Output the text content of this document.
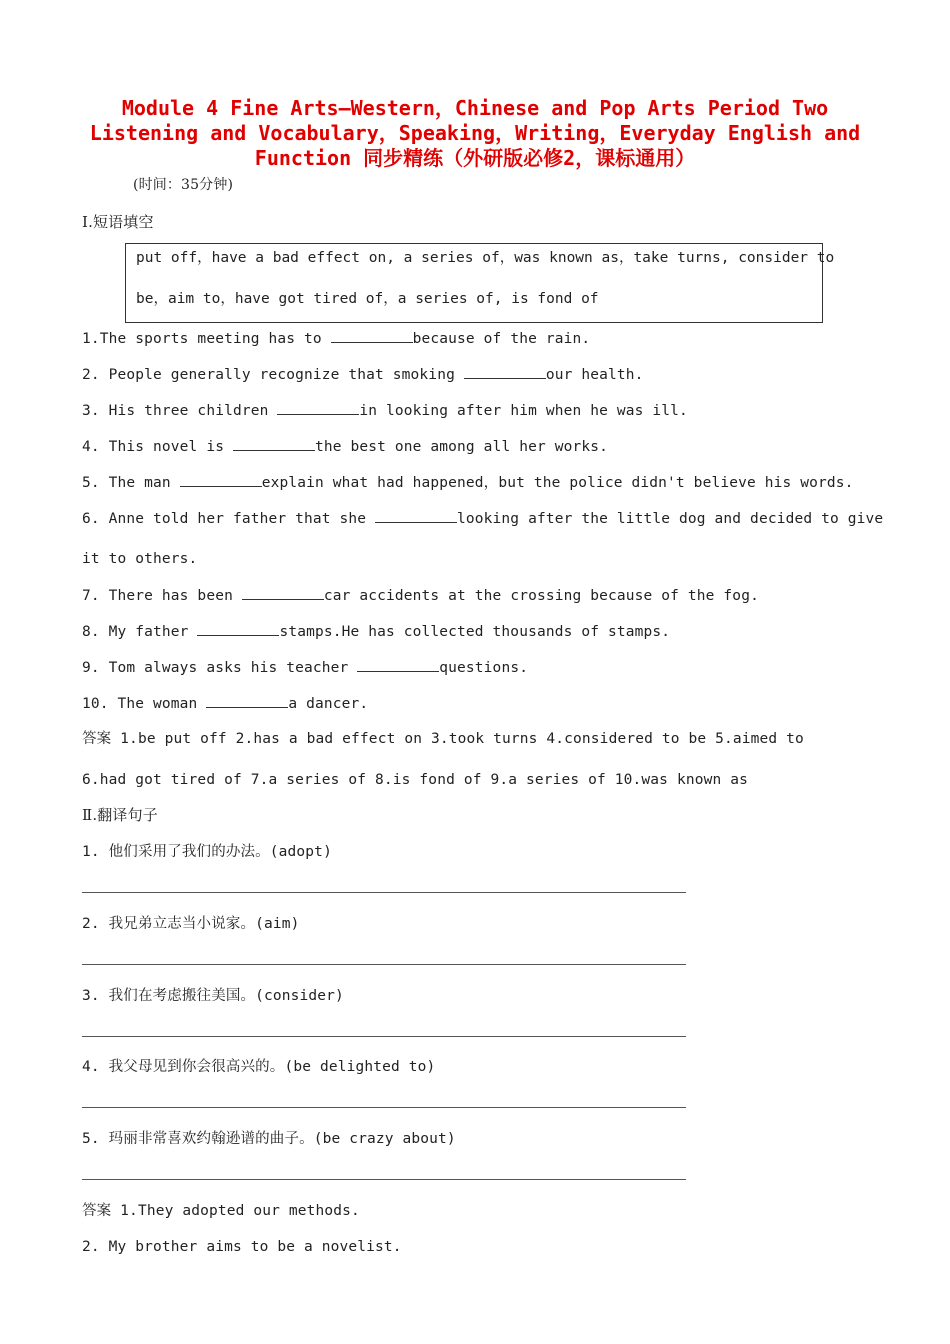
Module 4 Fine Arts—Western，Chinese and Pop Arts Period Two
Listening and Vocabulary，Speaking，Writing，Everyday English and
Function 同步精练（外研版必修2，课标通用）
(时间：35分钟)
Ⅰ.短语填空
put off，have a bad effect on, a series of，was known as，take turns, consider to
be，aim to，have got tired of，a series of, is fond of
1.The sports meeting has to	because of the rain.
2. People generally recognize that smoking	our health.
3. His three children	in looking after him when he was ill.
4. This novel is	the best one among all her works.
5. The man	explain what had happened，but the police didn't believe his words.
6. Anne told her father that she	looking after the little dog and decided to give
it to others.
7. There has been	car accidents at the crossing because of the fog.
8. My father	stamps.He has collected thousands of stamps.
9. Tom always asks his teacher	questions.
10. The woman	a dancer.
答案 1.be put off 2.has a bad effect on 3.took turns 4.considered to be 5.aimed to
6.had got tired of 7.a series of 8.is fond of 9.a series of 10.was known as
Ⅱ.翻译句子
1. 他们采用了我们的办法。(adopt)
2. 我兄弟立志当小说家。(aim)
3. 我们在考虑搬往美国。(consider)
4. 我父母见到你会很高兴的。(be delighted to)
5. 玛丽非常喜欢约翰逊谱的曲子。(be crazy about)
答案 1.They adopted our methods.
2. My brother aims to be a novelist.
